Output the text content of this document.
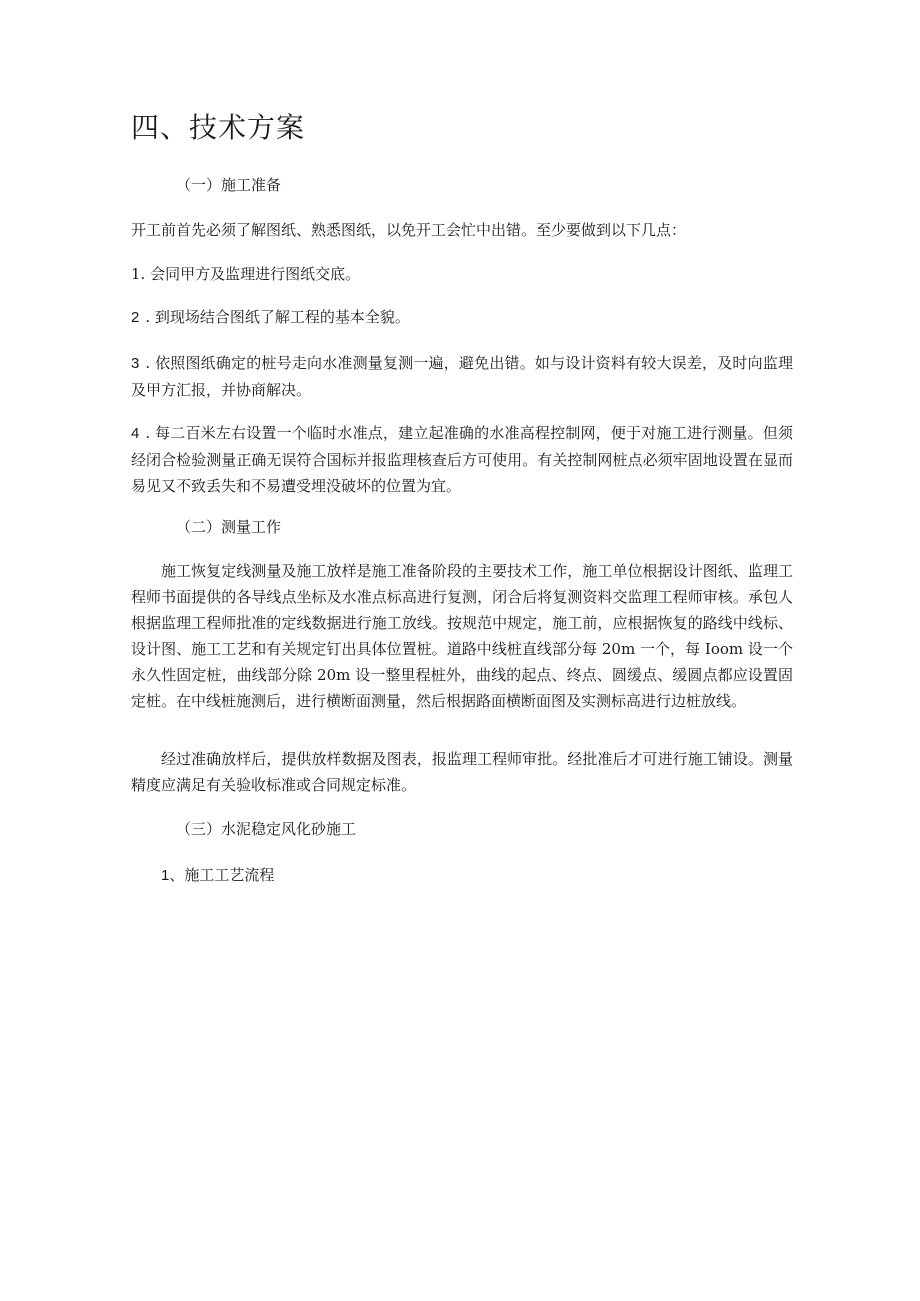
四、技术方案

（一）施工准备

开工前首先必须了解图纸、熟悉图纸，以免开工会忙中出错。至少要做到以下几点：

1. 会同甲方及监理进行图纸交底。

2 . 到现场结合图纸了解工程的基本全貌。

3 . 依照图纸确定的桩号走向水准测量复测一遍，避免出错。如与设计资料有较大误差，及时向监理及甲方汇报，并协商解决。

4 . 每二百米左右设置一个临时水准点，建立起准确的水准高程控制网，便于对施工进行测量。但须经闭合检验测量正确无误符合国标并报监理核查后方可使用。有关控制网桩点必须牢固地设置在显而易见又不致丢失和不易遭受埋没破坏的位置为宜。

（二）测量工作

施工恢复定线测量及施工放样是施工准备阶段的主要技术工作，施工单位根据设计图纸、监理工程师书面提供的各导线点坐标及水准点标高进行复测，闭合后将复测资料交监理工程师审核。承包人根据监理工程师批准的定线数据进行施工放线。按规范中规定，施工前，应根据恢复的路线中线标、设计图、施工工艺和有关规定钉出具体位置桩。道路中线桩直线部分每 20m 一个，每 Ioom 设一个永久性固定桩，曲线部分除 20m 设一整里程桩外，曲线的起点、终点、圆缓点、缓圆点都应设置固定桩。在中线桩施测后，进行横断面测量，然后根据路面横断面图及实测标高进行边桩放线。

经过准确放样后，提供放样数据及图表，报监理工程师审批。经批准后才可进行施工铺设。测量精度应满足有关验收标准或合同规定标准。

（三）水泥稳定风化砂施工

1、施工工艺流程
